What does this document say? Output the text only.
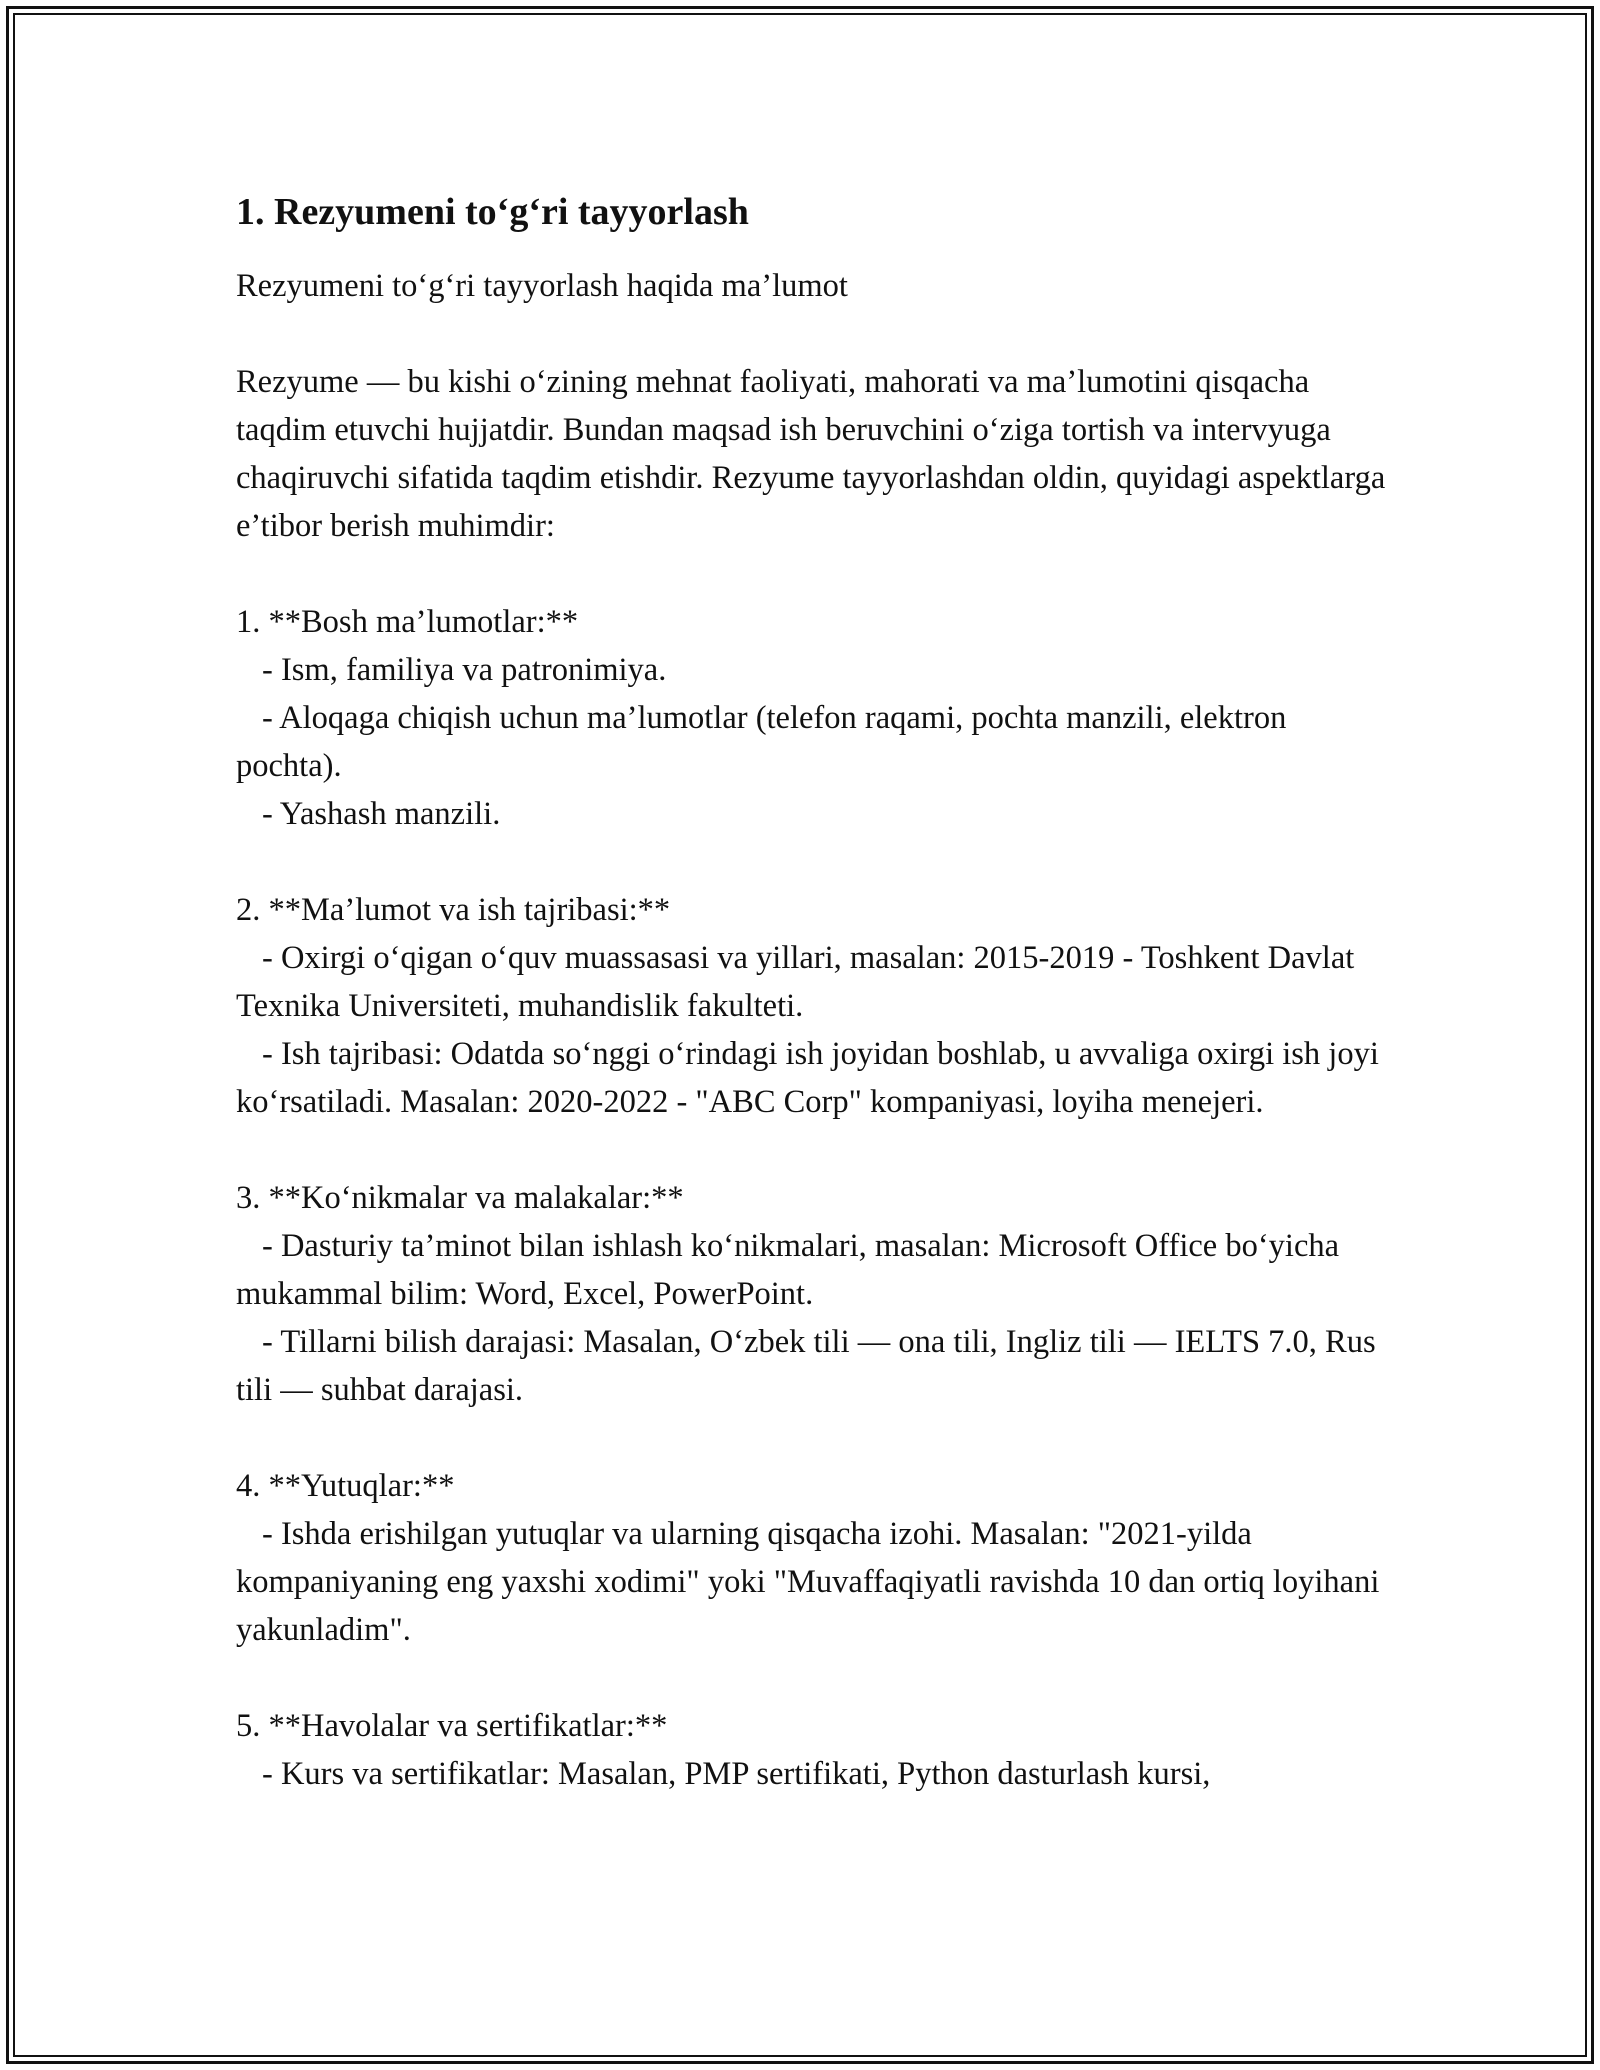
1. Rezyumeni to‘g‘ri tayyorlash

Rezyumeni to‘g‘ri tayyorlash haqida ma’lumot

Rezyume — bu kishi o‘zining mehnat faoliyati, mahorati va ma’lumotini qisqacha taqdim etuvchi hujjatdir. Bundan maqsad ish beruvchini o‘ziga tortish va intervyuga chaqiruvchi sifatida taqdim etishdir. Rezyume tayyorlashdan oldin, quyidagi aspektlarga e’tibor berish muhimdir:

1. **Bosh ma’lumotlar:**
- Ism, familiya va patronimiya.
- Aloqaga chiqish uchun ma’lumotlar (telefon raqami, pochta manzili, elektron pochta).
- Yashash manzili.
2. **Ma’lumot va ish tajribasi:**
- Oxirgi o‘qigan o‘quv muassasasi va yillari, masalan: 2015-2019 - Toshkent Davlat Texnika Universiteti, muhandislik fakulteti.
- Ish tajribasi: Odatda so‘nggi o‘rindagi ish joyidan boshlab, u avvaliga oxirgi ish joyi ko‘rsatiladi. Masalan: 2020-2022 - "ABC Corp" kompaniyasi, loyiha menejeri.
3. **Ko‘nikmalar va malakalar:**
- Dasturiy ta’minot bilan ishlash ko‘nikmalari, masalan: Microsoft Office bo‘yicha mukammal bilim: Word, Excel, PowerPoint.
- Tillarni bilish darajasi: Masalan, O‘zbek tili — ona tili, Ingliz tili — IELTS 7.0, Rus tili — suhbat darajasi.
4. **Yutuqlar:**
- Ishda erishilgan yutuqlar va ularning qisqacha izohi. Masalan: "2021-yilda kompaniyaning eng yaxshi xodimi" yoki "Muvaffaqiyatli ravishda 10 dan ortiq loyihani yakunladim".
5. **Havolalar va sertifikatlar:**
- Kurs va sertifikatlar: Masalan, PMP sertifikati, Python dasturlash kursi,
